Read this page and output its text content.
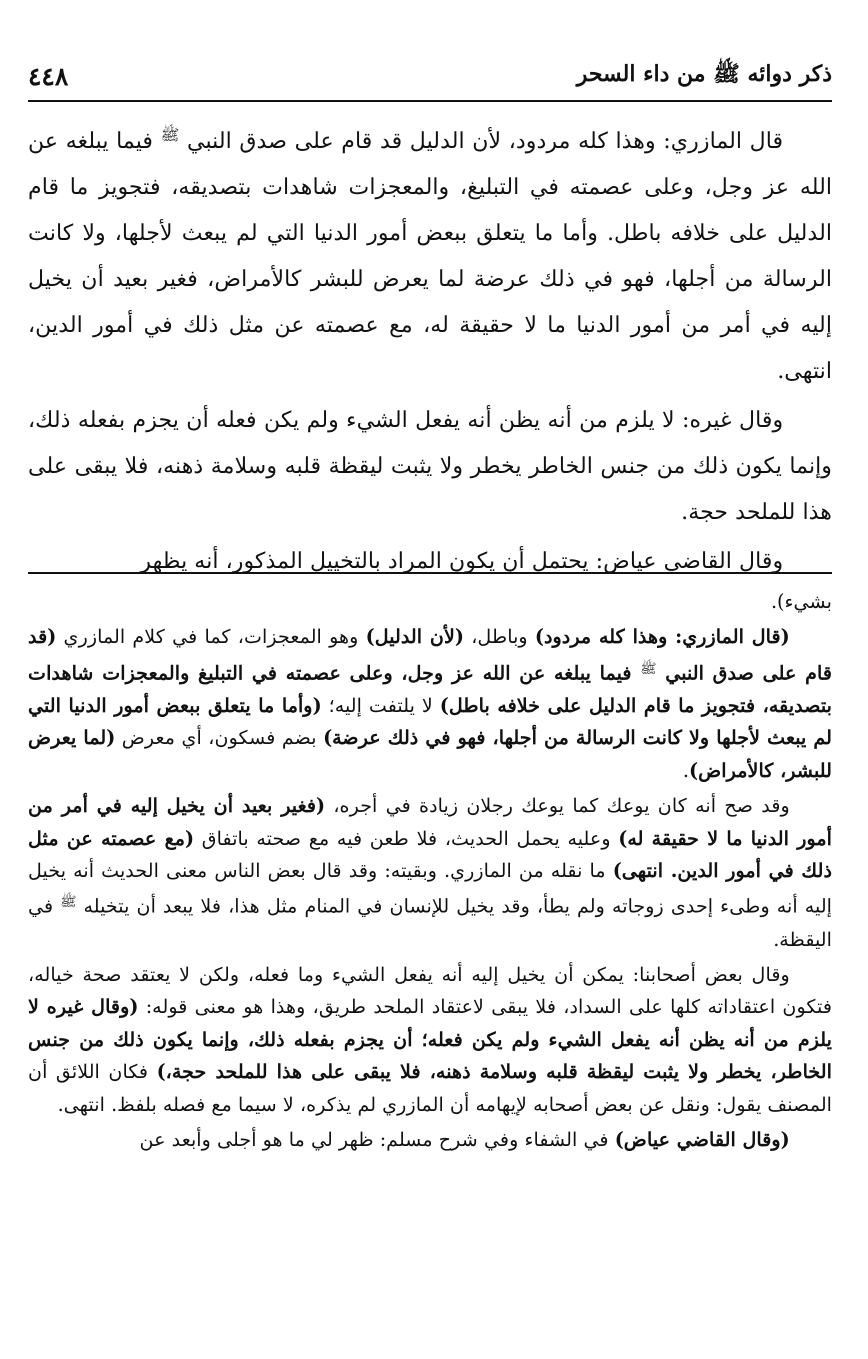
ذكر دوائه ﷺ من داء السحر
٤٤٨

قال المازري: وهذا كله مردود، لأن الدليل قد قام على صدق النبي $^ﷺ$ فيما يبلغه عن الله عز وجل، وعلى عصمته في التبليغ، والمعجزات شاهدات بتصديقه، فتجويز ما قام الدليل على خلافه باطل. وأما ما يتعلق ببعض أمور الدنيا التي لم يبعث لأجلها، ولا كانت الرسالة من أجلها، فهو في ذلك عرضة لما يعرض للبشر كالأمراض، فغير بعيد أن يخيل إليه في أمر من أمور الدنيا ما لا حقيقة له، مع عصمته عن مثل ذلك في أمور الدين، انتهى.

وقال غيره: لا يلزم من أنه يظن أنه يفعل الشيء ولم يكن فعله أن يجزم بفعله ذلك، وإنما يكون ذلك من جنس الخاطر يخطر ولا يثبت ليقظة قلبه وسلامة ذهنه، فلا يبقى على هذا للملحد حجة.

وقال القاضي عياض: يحتمل أن يكون المراد بالتخييل المذكور، أنه يظهر

بشيء).

(قال المازري: وهذا كله مردود) وباطل، (لأن الدليل) وهو المعجزات، كما في كلام المازري (قد قام على صدق النبي $^ﷺ$ فيما يبلغه عن الله عز وجل، وعلى عصمته في التبليغ والمعجزات شاهدات بتصديقه، فتجويز ما قام الدليل على خلافه باطل) لا يلتفت إليه؛ (وأما ما يتعلق ببعض أمور الدنيا التي لم يبعث لأجلها ولا كانت الرسالة من أجلها، فهو في ذلك عرضة) بضم فسكون، أي معرض (لما يعرض للبشر، كالأمراض).

وقد صح أنه كان يوعك كما يوعك رجلان زيادة في أجره، (فغير بعيد أن يخيل إليه في أمر من أمور الدنيا ما لا حقيقة له) وعليه يحمل الحديث، فلا طعن فيه مع صحته باتفاق (مع عصمته عن مثل ذلك في أمور الدين. انتهى) ما نقله من المازري. وبقيته: وقد قال بعض الناس معنى الحديث أنه يخيل إليه أنه وطىء إحدى زوجاته ولم يطأ، وقد يخيل للإنسان في المنام مثل هذا، فلا يبعد أن يتخيله $^ﷺ$ في اليقظة.

وقال بعض أصحابنا: يمكن أن يخيل إليه أنه يفعل الشيء وما فعله، ولكن لا يعتقد صحة خياله، فتكون اعتقاداته كلها على السداد، فلا يبقى لاعتقاد الملحد طريق، وهذا هو معنى قوله: (وقال غيره لا يلزم من أنه يظن أنه يفعل الشيء ولم يكن فعله؛ أن يجزم بفعله ذلك، وإنما يكون ذلك من جنس الخاطر، يخطر ولا يثبت ليقظة قلبه وسلامة ذهنه، فلا يبقى على هذا للملحد حجة،) فكان اللائق أن المصنف يقول: ونقل عن بعض أصحابه لإيهامه أن المازري لم يذكره، لا سيما مع فصله بلفظ. انتهى.

(وقال القاضي عياض) في الشفاء وفي شرح مسلم: ظهر لي ما هو أجلى وأبعد عن
